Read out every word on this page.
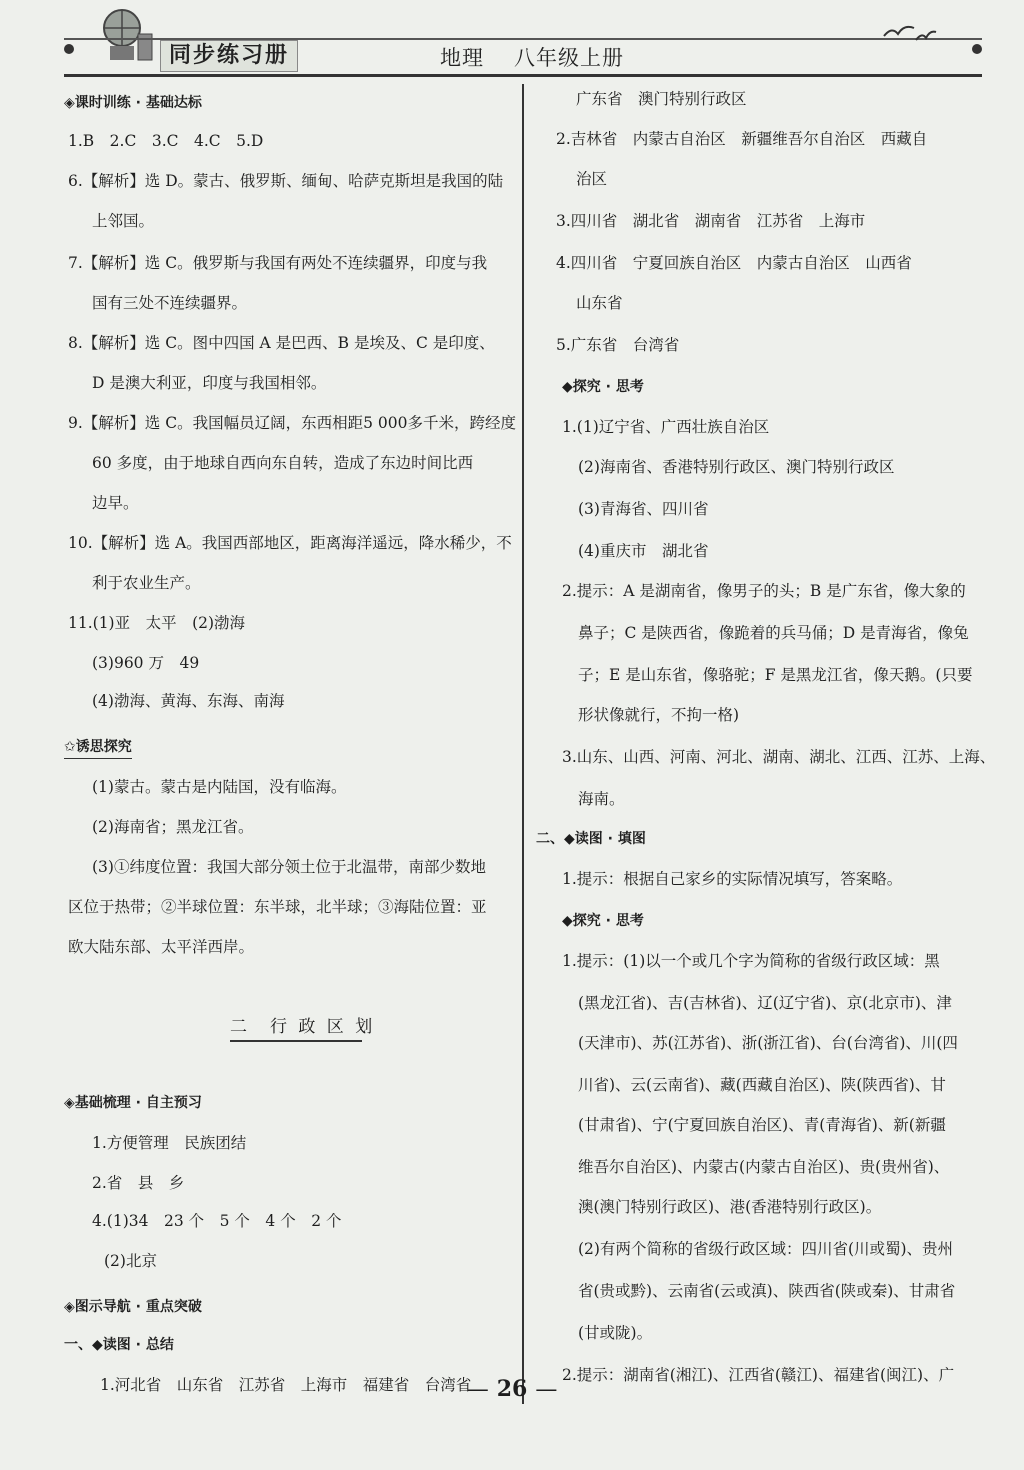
同步练习册	地理 八年级上册
◈课时训练 · 基础达标
1.B　2.C　3.C　4.C　5.D
6.【解析】选 D。蒙古、俄罗斯、缅甸、哈萨克斯坦是我国的陆
上邻国。
7.【解析】选 C。俄罗斯与我国有两处不连续疆界，印度与我
国有三处不连续疆界。
8.【解析】选 C。图中四国 A 是巴西、B 是埃及、C 是印度、
D 是澳大利亚，印度与我国相邻。
9.【解析】选 C。我国幅员辽阔，东西相距5 000多千米，跨经度
60 多度，由于地球自西向东自转，造成了东边时间比西
边早。
10.【解析】选 A。我国西部地区，距离海洋遥远，降水稀少，不
利于农业生产。
11.(1)亚　太平　(2)渤海
(3)960 万　49
(4)渤海、黄海、东海、南海
✩诱思探究
(1)蒙古。蒙古是内陆国，没有临海。
(2)海南省；黑龙江省。
(3)①纬度位置：我国大部分领土位于北温带，南部少数地
区位于热带；②半球位置：东半球，北半球；③海陆位置：亚
欧大陆东部、太平洋西岸。
二　行 政 区 划
◈基础梳理 · 自主预习
1.方便管理　民族团结
2.省　县　乡
4.(1)34　23 个　5 个　4 个　2 个
(2)北京
◈图示导航 · 重点突破
一、◆读图 · 总结
1.河北省　山东省　江苏省　上海市　福建省　台湾省
广东省　澳门特别行政区
2.吉林省　内蒙古自治区　新疆维吾尔自治区　西藏自
治区
3.四川省　湖北省　湖南省　江苏省　上海市
4.四川省　宁夏回族自治区　内蒙古自治区　山西省
山东省
5.广东省　台湾省
◆探究 · 思考
1.(1)辽宁省、广西壮族自治区
(2)海南省、香港特别行政区、澳门特别行政区
(3)青海省、四川省
(4)重庆市　湖北省
2.提示：A 是湖南省，像男子的头；B 是广东省，像大象的
鼻子；C 是陕西省，像跪着的兵马俑；D 是青海省，像兔
子；E 是山东省，像骆驼；F 是黑龙江省，像天鹅。(只要
形状像就行，不拘一格)
3.山东、山西、河南、河北、湖南、湖北、江西、江苏、上海、
海南。
二、◆读图 · 填图
1.提示：根据自己家乡的实际情况填写，答案略。
◆探究 · 思考
1.提示：(1)以一个或几个字为简称的省级行政区域：黑
(黑龙江省)、吉(吉林省)、辽(辽宁省)、京(北京市)、津
(天津市)、苏(江苏省)、浙(浙江省)、台(台湾省)、川(四
川省)、云(云南省)、藏(西藏自治区)、陕(陕西省)、甘
(甘肃省)、宁(宁夏回族自治区)、青(青海省)、新(新疆
维吾尔自治区)、内蒙古(内蒙古自治区)、贵(贵州省)、
澳(澳门特别行政区)、港(香港特别行政区)。
(2)有两个简称的省级行政区域：四川省(川或蜀)、贵州
省(贵或黔)、云南省(云或滇)、陕西省(陕或秦)、甘肃省
(甘或陇)。
2.提示：湖南省(湘江)、江西省(赣江)、福建省(闽江)、广
— 26 —
